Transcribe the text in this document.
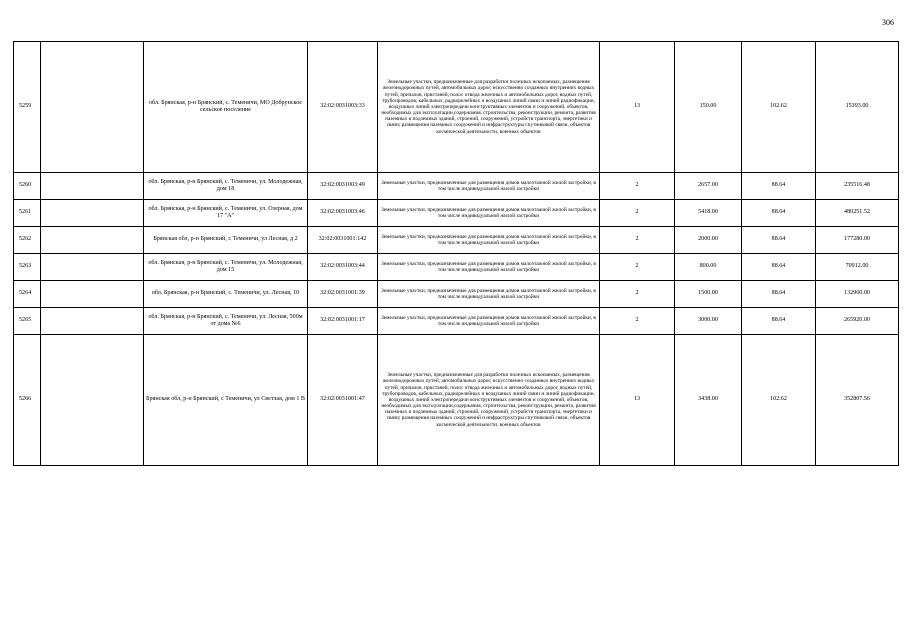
306
5259		обл. Брянская, р-н Брянский, с. Теменичи, МО Добрунское сельское поселение	32:02:0031003:33	Земельные участки, предназначенные для разработки полезных ископаемых, размещения железнодорожных путей, автомобильных дорог, искусственно созданных внутренних водных путей, причалов, пристаней, полос отвода железных и автомобильных дорог, водных путей, трубопроводов, кабельных, радиорелейных и воздушных линий связи и линий радиофикации, воздушных линий электропередачи конструктивных элементов и сооружений, объектов, необходимых для эксплуатации,содержания, строительства, реконструкции, ремонта, развития наземных и подземных зданий, строений, сооружений, устройств транспорта, энергетики и связи; размещения наземных сооружений и инфраструктуры спутниковой связи, объектов космической деятельности, военных объектов	13	150.00	102.62	15393.00
5260		обл. Брянская, р-н Брянский, с. Теменичи, ул. Молодежная, дом 18	32:02:0031003:49	Земельные участки, предназначенные для размещения домов малоэтажной жилой застройки, в том числе индивидуальной жилой застройки	2	2657.00	88.64	235516.48
5261		обл. Брянская, р-н Брянский, с. Теменичи, ул. Озерная, дом 17 "А"	32:02:0031003:46	Земельные участки, предназначенные для размещения домов малоэтажной жилой застройки, в том числе индивидуальной жилой застройки	2	5418.00	88.64	480251.52
5262		Брянская обл, р-н Брянский, с Теменичи, ул Лесная, д 2	32:02:0031001:142	Земельные участки, предназначенные для размещения домов малоэтажной жилой застройки, в том числе индивидуальной жилой застройки	2	2000.00	88.64	177280.00
5263		обл. Брянская, р-н Брянский, с. Теменичи, ул. Молодежная, дом 15	32:02:0031003:44	Земельные участки, предназначенные для размещения домов малоэтажной жилой застройки, в том числе индивидуальной жилой застройки	2	800.00	88.64	70912.00
5264		обл. Брянская, р-н Брянский, с. Теменичи, ул. Лесная, 10	32:02:0031001:39	Земельные участки, предназначенные для размещения домов малоэтажной жилой застройки, в том числе индивидуальной жилой застройки	2	1500.00	88.64	132960.00
5265		обл. Брянская, р-н Брянский, с. Теменичи, ул. Лесная, 500м от дома №6	32:02:0031001:17	Земельные участки, предназначенные для размещения домов малоэтажной жилой застройки, в том числе индивидуальной жилой застройки	2	3000.00	88.64	265920.00
5266		Брянская обл, р-н Брянский, с Теменичи, ул Светлая, дом 1 В	32:02:0031001:47	Земельные участки, предназначенные для разработки полезных ископаемых, размещения железнодорожных путей, автомобильных дорог, искусственно созданных внутренних водных путей, причалов, пристаней, полос отвода железных и автомобильных дорог, водных путей, трубопроводов, кабельных, радиорелейных и воздушных линий связи и линий радиофикации, воздушных линий электропередачи конструктивных элементов и сооружений, объектов, необходимых для эксплуатации,содержания, строительства, реконструкции, ремонта, развития наземных и подземных зданий, строений, сооружений, устройств транспорта, энергетики и связи; размещения наземных сооружений и инфраструктуры спутниковой связи, объектов космической деятельности, военных объектов	13	3438.00	102.62	352807.56
